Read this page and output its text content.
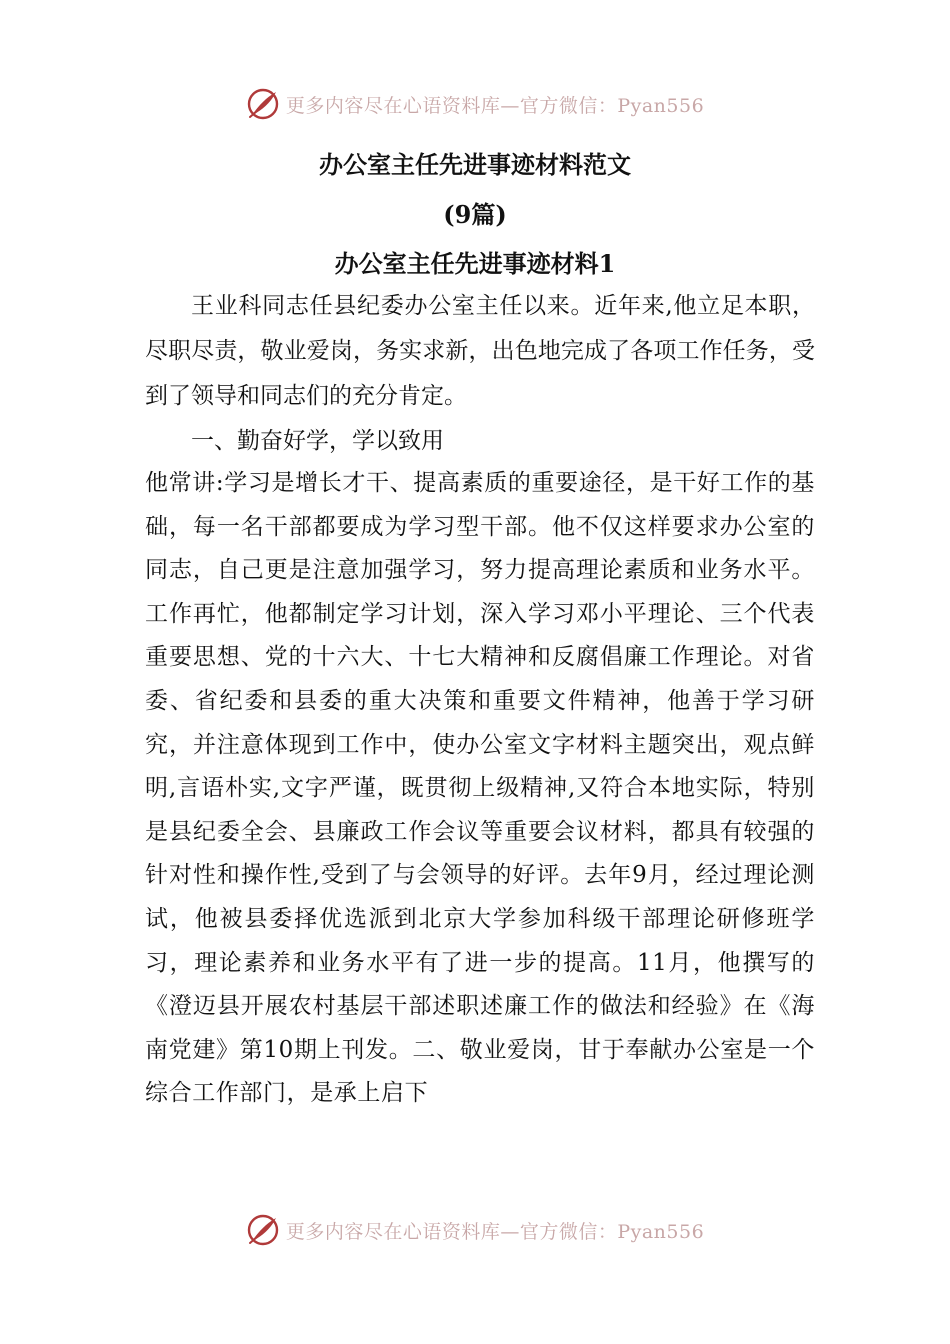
更多内容尽在心语资料库—官方微信：Pyan556
办公室主任先进事迹材料范文
(9篇)
办公室主任先进事迹材料1

王业科同志任县纪委办公室主任以来。近年来,他立足本职，尽职尽责，敬业爱岗，务实求新，出色地完成了各项工作任务，受到了领导和同志们的充分肯定。

一、勤奋好学，学以致用

他常讲:学习是增长才干、提高素质的重要途径，是干好工作的基础，每一名干部都要成为学习型干部。他不仅这样要求办公室的同志，自己更是注意加强学习，努力提高理论素质和业务水平。工作再忙，他都制定学习计划，深入学习邓小平理论、三个代表重要思想、党的十六大、十七大精神和反腐倡廉工作理论。对省委、省纪委和县委的重大决策和重要文件精神，他善于学习研究，并注意体现到工作中，使办公室文字材料主题突出，观点鲜明,言语朴实,文字严谨，既贯彻上级精神,又符合本地实际，特别是县纪委全会、县廉政工作会议等重要会议材料，都具有较强的针对性和操作性,受到了与会领导的好评。去年9月，经过理论测试，他被县委择优选派到北京大学参加科级干部理论研修班学习，理论素养和业务水平有了进一步的提高。11月，他撰写的《澄迈县开展农村基层干部述职述廉工作的做法和经验》在《海南党建》第10期上刊发。二、敬业爱岗，甘于奉献办公室是一个综合工作部门，是承上启下

更多内容尽在心语资料库—官方微信：Pyan556
